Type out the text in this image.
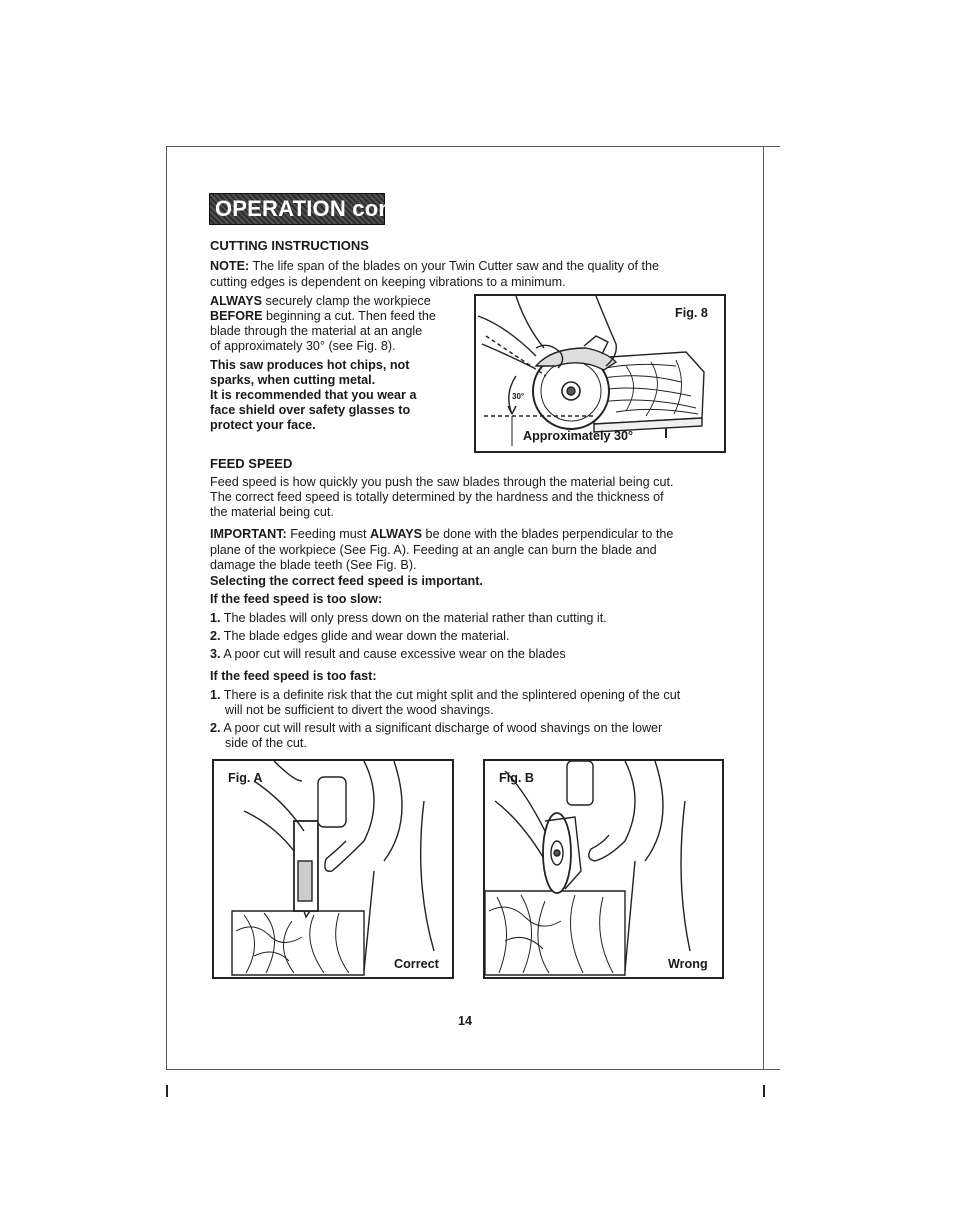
OPERATION cont.
CUTTING INSTRUCTIONS
NOTE: The life span of the blades on your Twin Cutter saw and the quality of the
cutting edges is dependent on keeping vibrations to a minimum.
ALWAYS securely clamp the workpiece
BEFORE beginning a cut. Then feed the
blade through the material at an angle
of approximately 30° (see Fig. 8).
This saw produces hot chips, not
sparks, when cutting metal.
It is recommended that you wear a
face shield over safety glasses to
protect your face.
Fig. 8
30°
Approximately 30°
FEED SPEED
Feed speed is how quickly you push the saw blades through the material being cut.
The correct feed speed is totally determined by the hardness and the thickness of
the material being cut.
IMPORTANT: Feeding must ALWAYS be done with the blades perpendicular to the
plane of the workpiece (See Fig. A). Feeding at an angle can burn the blade and
damage the blade teeth (See Fig. B).
Selecting the correct feed speed is important.
If the feed speed is too slow:
1. The blades will only press down on the material rather than cutting it.
2. The blade edges glide and wear down the material.
3. A poor cut will result and cause excessive wear on the blades
If the feed speed is too fast:
1. There is a definite risk that the cut might split and the splintered opening of the cut
will not be sufficient to divert the wood shavings.
2. A poor cut will result with a significant discharge of wood shavings on the lower
side of the cut.
Fig. A
Correct
Fig. B
Wrong
14
